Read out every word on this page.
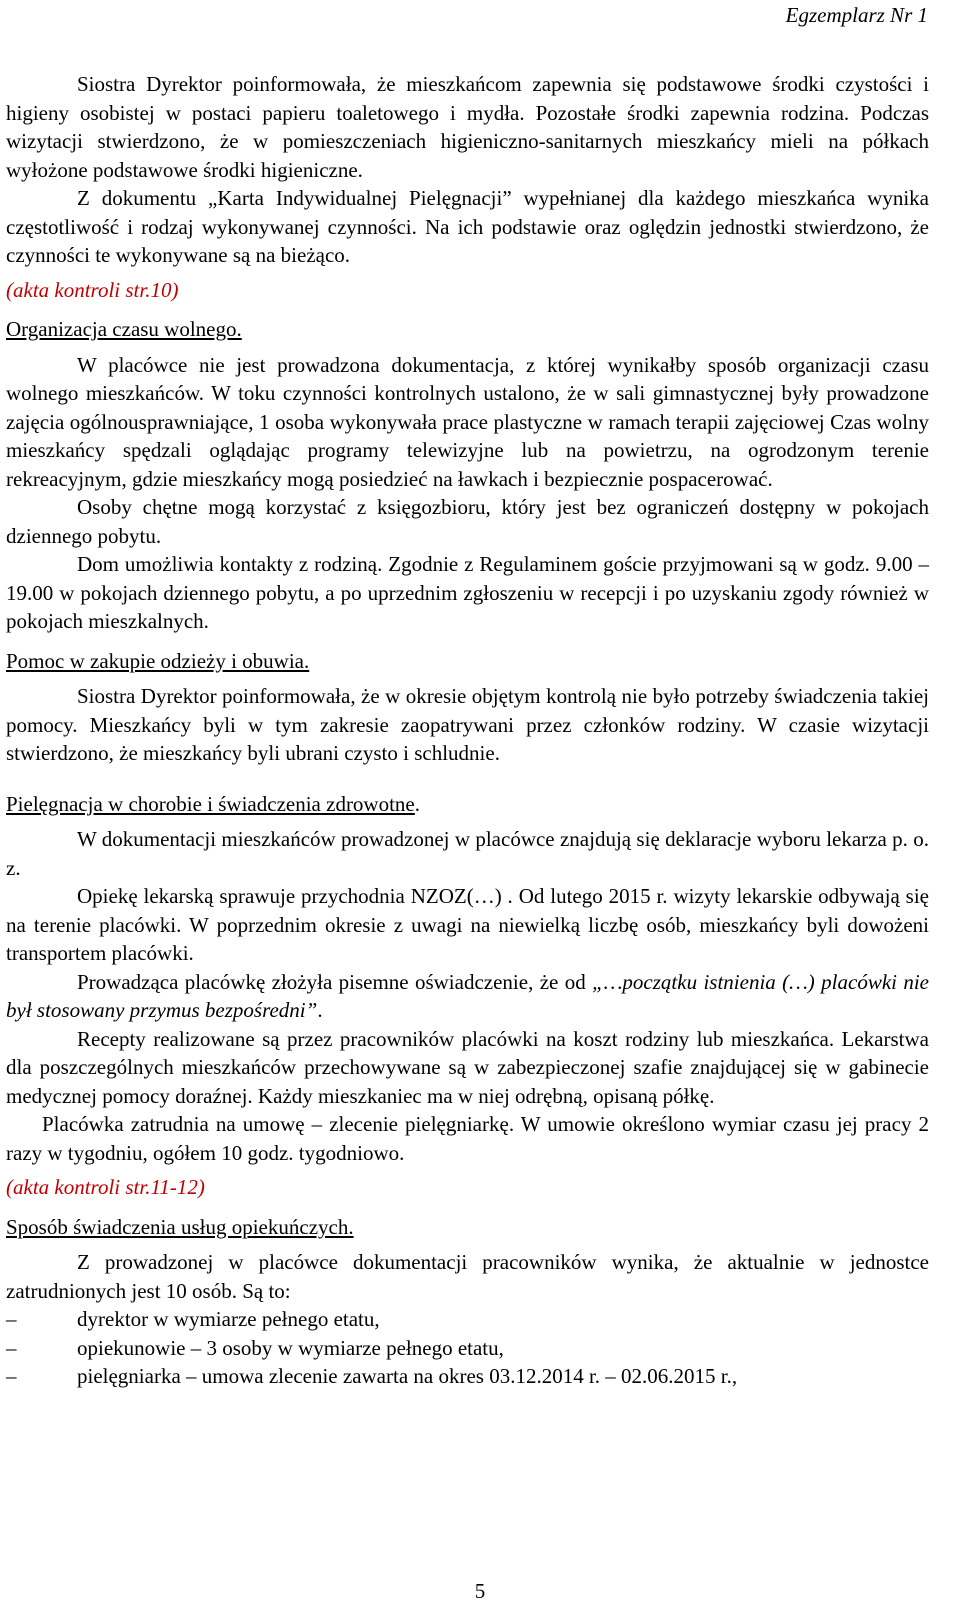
Egzemplarz Nr 1

Siostra Dyrektor poinformowała, że mieszkańcom zapewnia się podstawowe środki czystości i higieny osobistej w postaci papieru toaletowego i mydła. Pozostałe środki zapewnia rodzina. Podczas wizytacji stwierdzono, że w pomieszczeniach higieniczno-sanitarnych mieszkańcy mieli na półkach wyłożone podstawowe środki higieniczne.

Z dokumentu „Karta Indywidualnej Pielęgnacji” wypełnianej dla każdego mieszkańca wynika częstotliwość i rodzaj wykonywanej czynności. Na ich podstawie oraz oględzin jednostki stwierdzono, że czynności te wykonywane są na bieżąco.

(akta kontroli str.10)

Organizacja czasu wolnego.

W placówce nie jest prowadzona dokumentacja, z której wynikałby sposób organizacji czasu wolnego mieszkańców. W toku czynności kontrolnych ustalono, że w sali gimnastycznej były prowadzone zajęcia ogólnousprawniające, 1 osoba wykonywała prace plastyczne w ramach terapii zajęciowej Czas wolny mieszkańcy spędzali oglądając programy telewizyjne lub na powietrzu, na ogrodzonym terenie rekreacyjnym, gdzie mieszkańcy mogą posiedzieć na ławkach i bezpiecznie pospacerować.

Osoby chętne mogą korzystać z księgozbioru, który jest bez ograniczeń dostępny w pokojach dziennego pobytu.

Dom umożliwia kontakty z rodziną. Zgodnie z Regulaminem goście przyjmowani są w godz. 9.00 – 19.00 w pokojach dziennego pobytu, a po uprzednim zgłoszeniu w recepcji i po uzyskaniu zgody również w pokojach mieszkalnych.

Pomoc w zakupie odzieży i obuwia.

Siostra Dyrektor poinformowała, że w okresie objętym kontrolą nie było potrzeby świadczenia takiej pomocy. Mieszkańcy byli w tym zakresie zaopatrywani przez członków rodziny. W czasie wizytacji stwierdzono, że mieszkańcy byli ubrani czysto i schludnie.

Pielęgnacja w chorobie i świadczenia zdrowotne.

W dokumentacji mieszkańców prowadzonej w placówce znajdują się deklaracje wyboru lekarza p. o. z.

Opiekę lekarską sprawuje przychodnia NZOZ(…) . Od lutego 2015 r. wizyty lekarskie odbywają się na terenie placówki. W poprzednim okresie z uwagi na niewielką liczbę osób, mieszkańcy byli dowożeni transportem placówki.

Prowadząca placówkę złożyła pisemne oświadczenie, że od „…początku istnienia (…) placówki nie był stosowany przymus bezpośredni”.

Recepty realizowane są przez pracowników placówki na koszt rodziny lub mieszkańca. Lekarstwa dla poszczególnych mieszkańców przechowywane są w zabezpieczonej szafie znajdującej się w gabinecie medycznej pomocy doraźnej. Każdy mieszkaniec ma w niej odrębną, opisaną półkę.

Placówka zatrudnia na umowę – zlecenie pielęgniarkę. W umowie określono wymiar czasu jej pracy 2 razy w tygodniu, ogółem 10 godz. tygodniowo.

(akta kontroli str.11-12)

Sposób świadczenia usług opiekuńczych.

Z prowadzonej w placówce dokumentacji pracowników wynika, że aktualnie w jednostce zatrudnionych jest 10 osób. Są to:

–	dyrektor w wymiarze pełnego etatu,
–	opiekunowie – 3 osoby w wymiarze pełnego etatu,
–	pielęgniarka – umowa zlecenie zawarta na okres 03.12.2014 r. – 02.06.2015 r.,
5
